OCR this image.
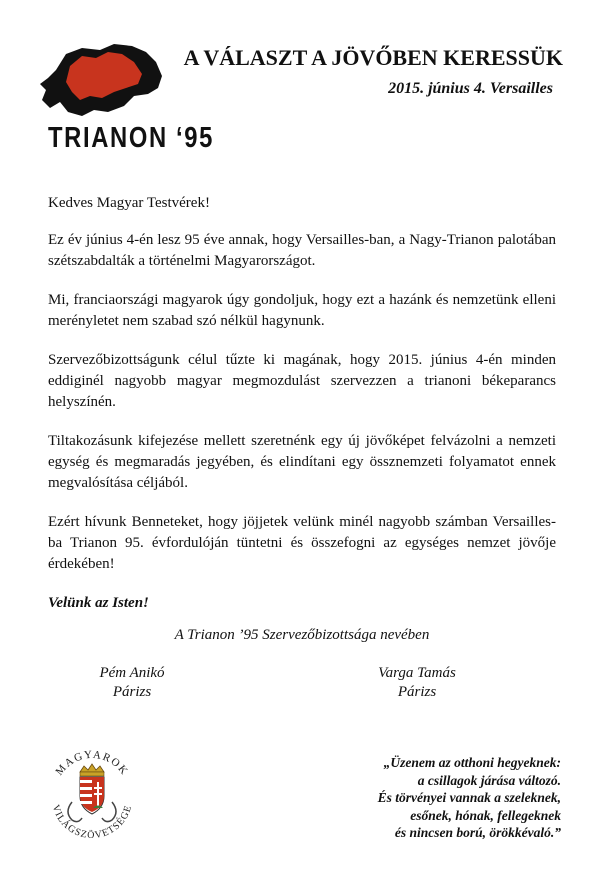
TRIANON ‘95
A VÁLASZT A JÖVŐBEN KERESSÜK
2015. június 4. Versailles

Kedves Magyar Testvérek!

Ez év június 4-én lesz 95 éve annak, hogy Versailles-ban, a Nagy-Trianon palotában szétszabdalták a történelmi Magyarországot.

Mi, franciaországi magyarok úgy gondoljuk, hogy ezt a hazánk és nemzetünk elleni merényletet nem szabad szó nélkül hagynunk.

Szervezőbizottságunk célul tűzte ki magának, hogy 2015. június 4-én minden eddiginél nagyobb magyar megmozdulást szervezzen a trianoni békeparancs helyszínén.

Tiltakozásunk kifejezése mellett szeretnénk egy új jövőképet felvázolni a nemzeti egység és megmaradás jegyében, és elindítani egy össznemzeti folyamatot ennek megvalósítása céljából.

Ezért hívunk Benneteket, hogy jöjjetek velünk minél nagyobb számban Versailles-ba Trianon 95. évfordulóján tüntetni és összefogni az egységes nemzet jövője érdekében!

Velünk az Isten!

A Trianon ’95 Szervezőbizottsága nevében
Pém Anikó
Párizs
Varga Tamás
Párizs
MAGYAROK
VILÁGSZÖVETSÉGE
„Üzenem az otthoni hegyeknek:
a csillagok járása változó.
És törvényei vannak a szeleknek,
esőnek, hónak, fellegeknek
és nincsen ború, örökkévaló.”
